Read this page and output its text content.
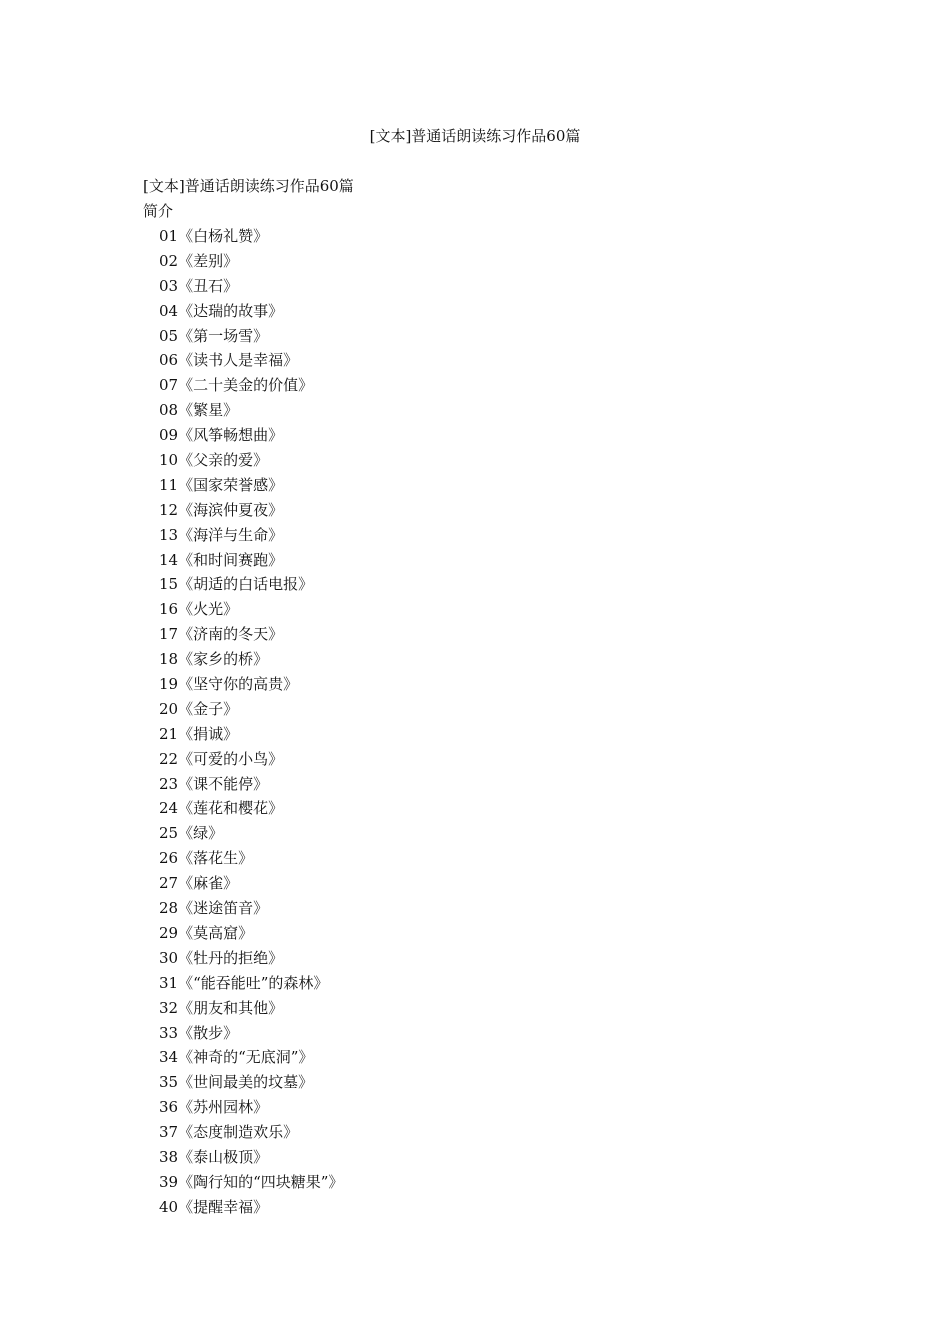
[文本]普通话朗读练习作品60篇
[文本]普通话朗读练习作品60篇
简介
01《白杨礼赞》
02《差别》
03《丑石》
04《达瑞的故事》
05《第一场雪》
06《读书人是幸福》
07《二十美金的价值》
08《繁星》
09《风筝畅想曲》
10《父亲的爱》
11《国家荣誉感》
12《海滨仲夏夜》
13《海洋与生命》
14《和时间赛跑》
15《胡适的白话电报》
16《火光》
17《济南的冬天》
18《家乡的桥》
19《坚守你的高贵》
20《金子》
21《捐诚》
22《可爱的小鸟》
23《课不能停》
24《莲花和樱花》
25《绿》
26《落花生》
27《麻雀》
28《迷途笛音》
29《莫高窟》
30《牡丹的拒绝》
31《“能吞能吐”的森林》
32《朋友和其他》
33《散步》
34《神奇的“无底洞”》
35《世间最美的坟墓》
36《苏州园林》
37《态度制造欢乐》
38《泰山极顶》
39《陶行知的“四块糖果”》
40《提醒幸福》
